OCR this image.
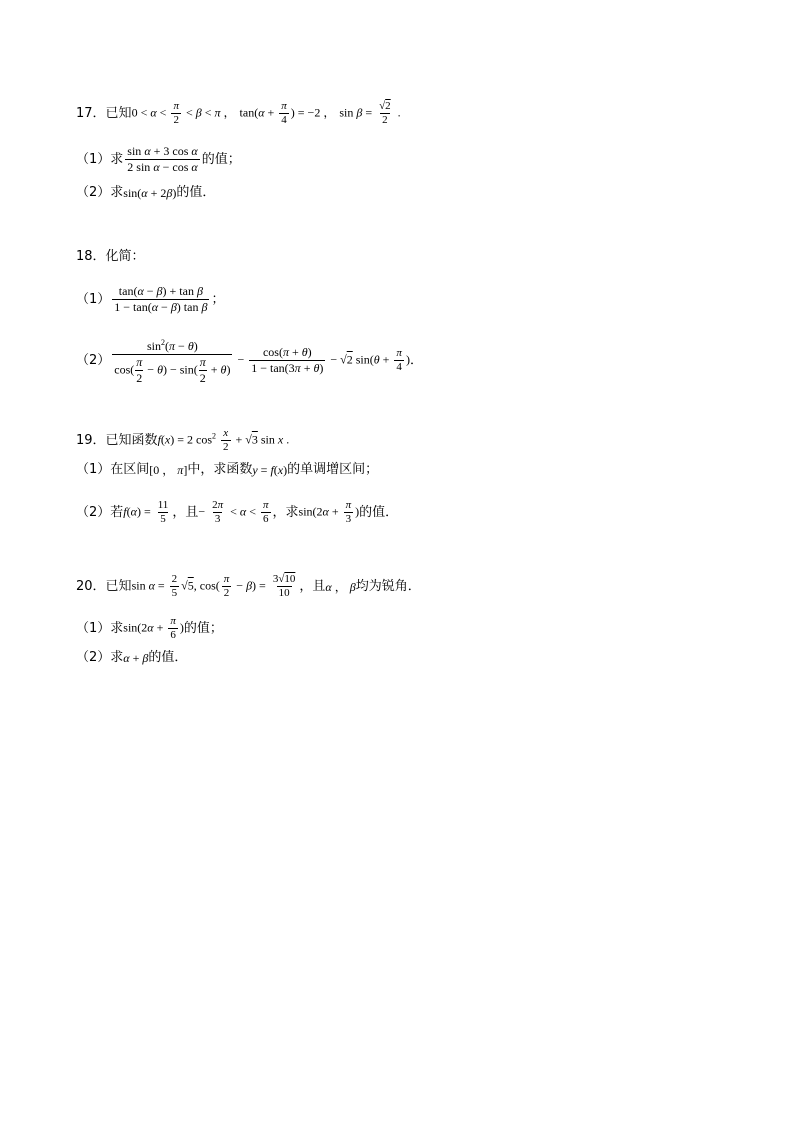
17． 已知 $0 < \alpha < \frac{\pi}{2} < \beta < \pi$ ， $\tan(\alpha + \frac{\pi}{4}$ ) = −2 ， $\sin \beta = \frac{√2}{2}$ .
（1） 求 $\frac{\text{sin α + 3 cos α}}{\text{2 sin α − cos α}}$ 的值；
（2） 求 sin(α + 2β) 的值．
18． 化简：
$(1) \frac{\text{tan(α − β) + tan β}}{\text{1 − tan(α − β) tan β}}$ ；
$(2) \frac{\sin^2(\pi - \theta)}{\cos( \frac{\pi}{2} - \theta) - \sin( \frac{\pi}{2} + \theta)} - \frac{\cos(\pi + \theta)}{1 - \tan(3\pi + \theta)} - √2$ $\sin(\theta + \frac{\pi}{4}$ ) ．
19． 已知函数 f(x) = 2 $\cos^2 \frac{x}{2} + √3$ sin x .
（1） 在区间 [0 ， π] 中，求函数 y = f(x) 的单调增区间；
（2） 若 $f(\alpha) = \frac{11}{5}$ ，且 − $\frac{2\pi}{3} < \alpha < \frac{\pi}{6}$ ，求 $\sin(2\alpha + \frac{\pi}{3}$ ) 的值．
20． 已知 $\sin \alpha = \frac{2}{5} √5$, $\cos( \frac{\pi}{2} - \beta) = \frac{3√10}{10}$ ，且 α ， β 均为锐角．
（1） 求 $\sin(2\alpha + \frac{\pi}{6}$ ) 的值；
（2） 求 α + β 的值．
